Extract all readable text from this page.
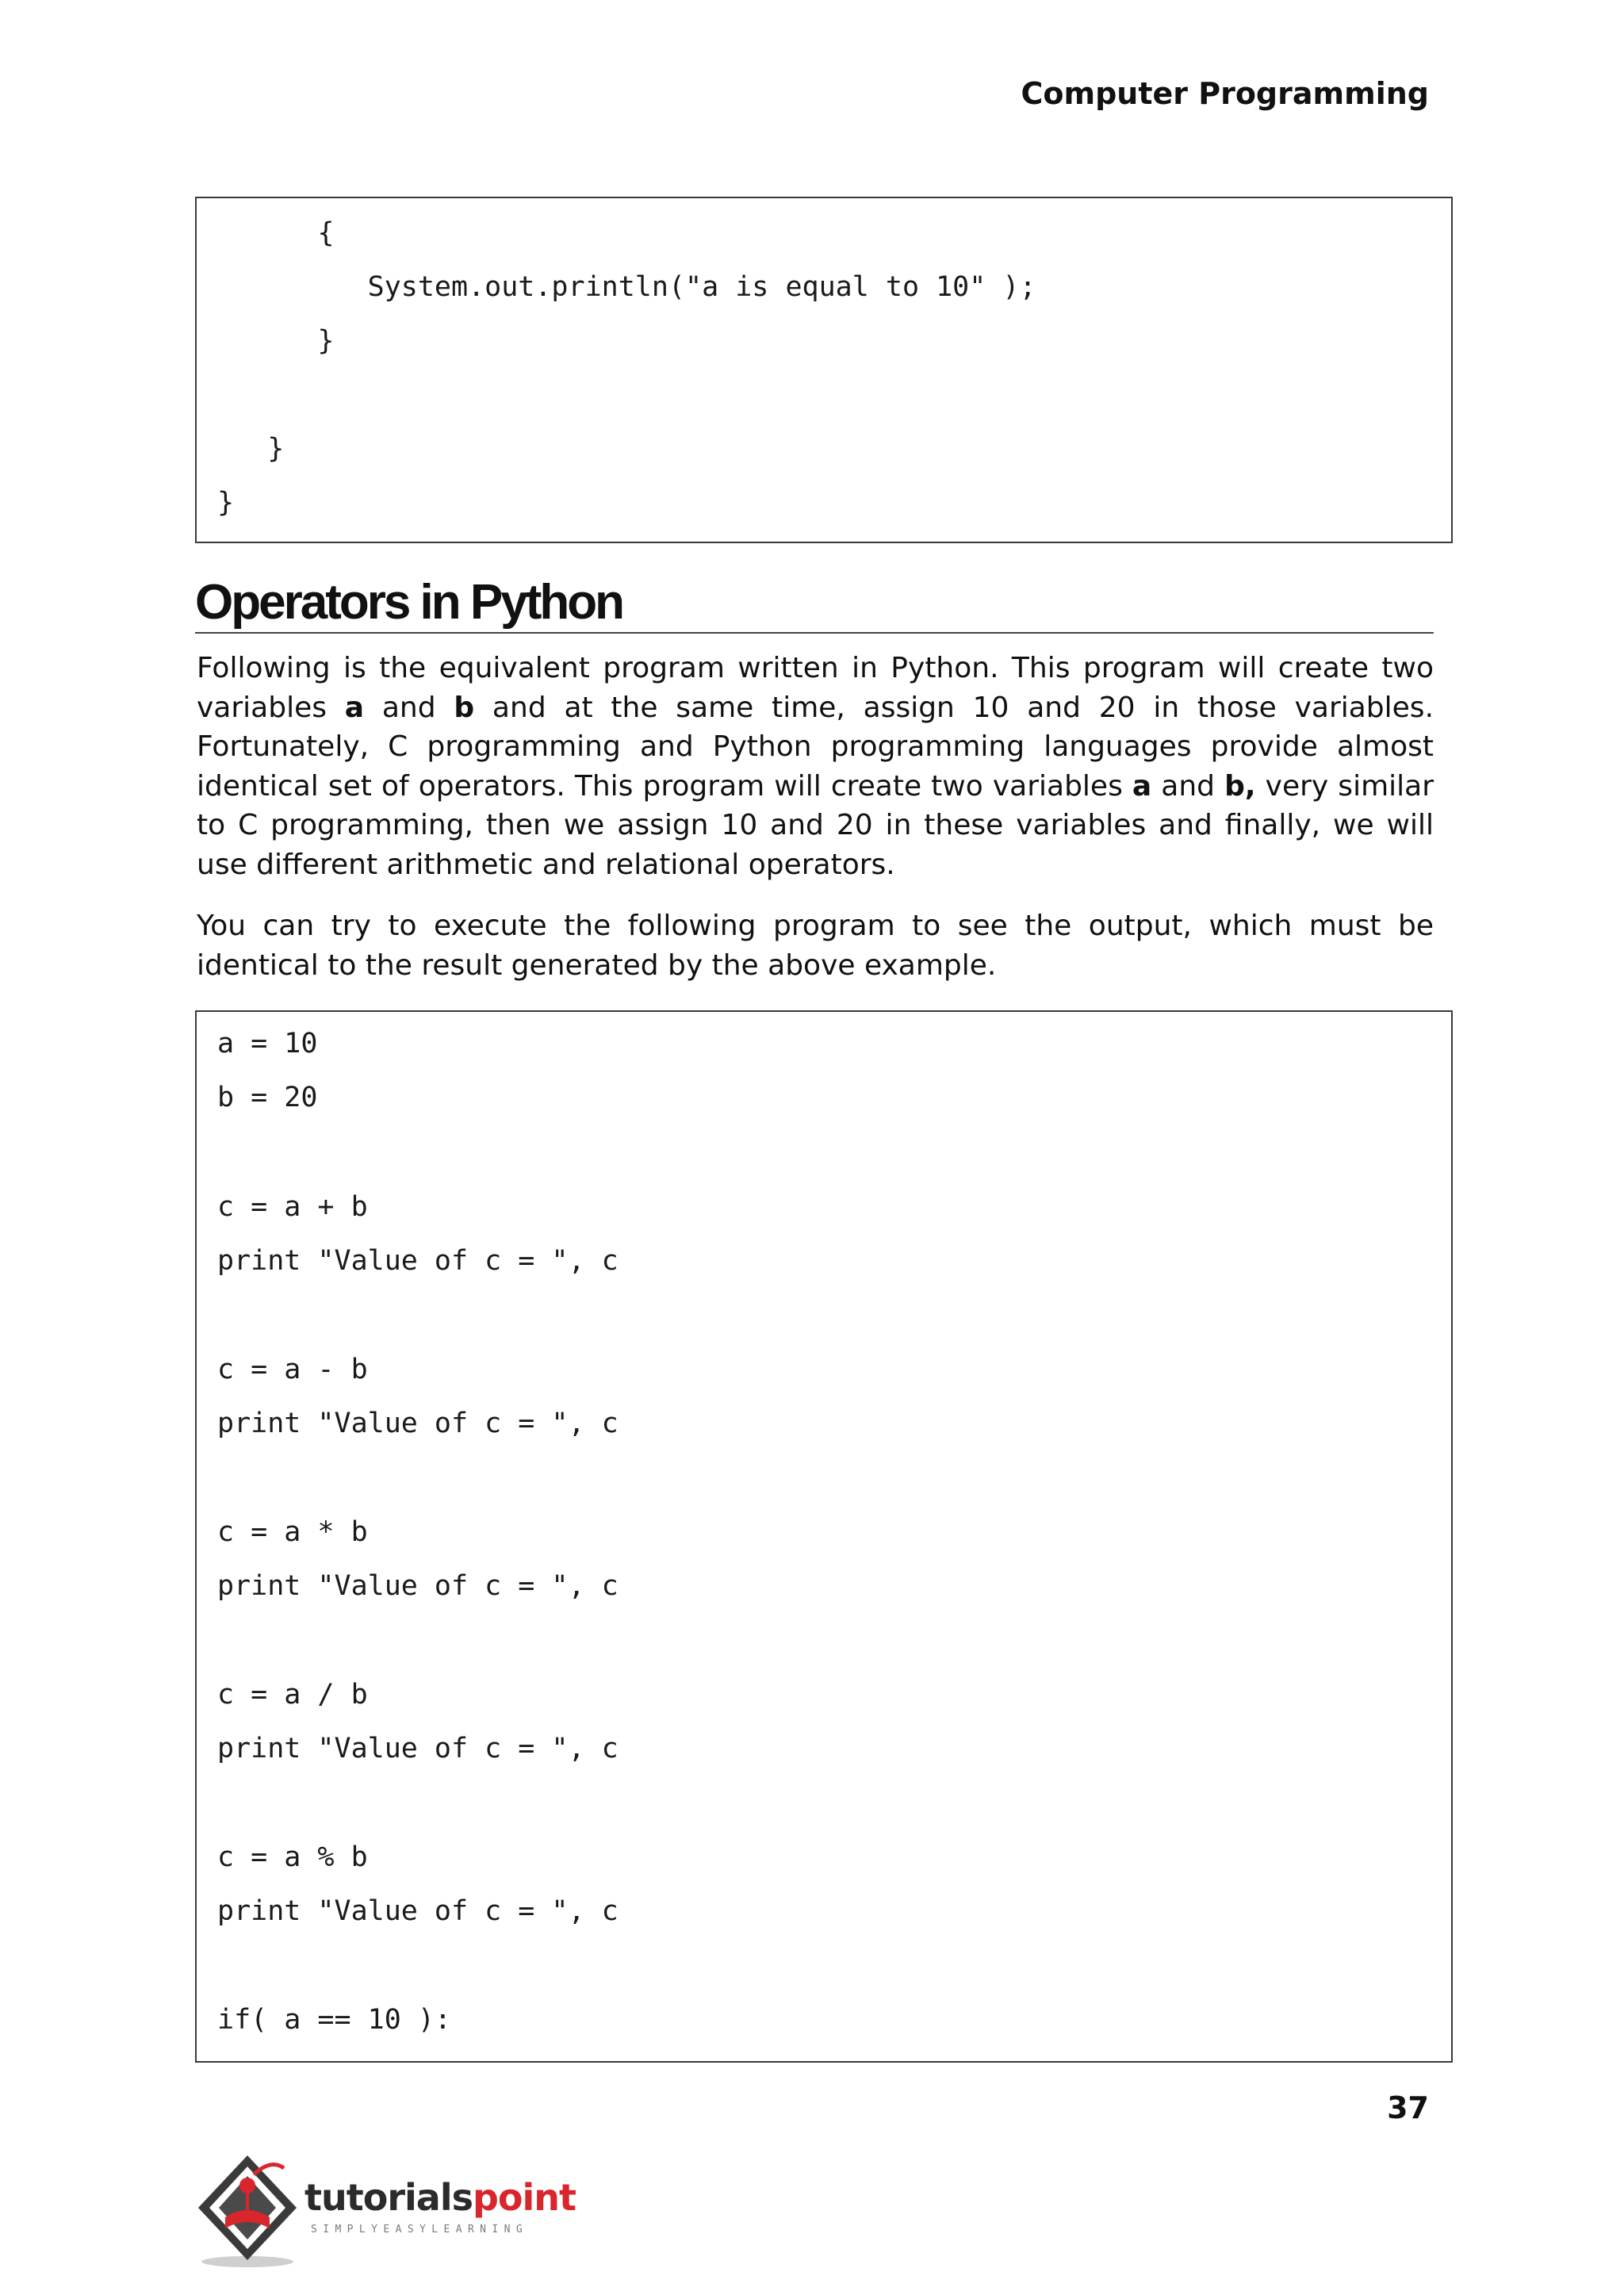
Computer Programming
{
System.out.println("a is equal to 10" );
}
}
}
Operators in Python

Following is the equivalent program written in Python. This program will create two variables a and b and at the same time, assign 10 and 20 in those variables. Fortunately, C programming and Python programming languages provide almost identical set of operators. This program will create two variables a and b, very similar to C programming, then we assign 10 and 20 in these variables and finally, we will use different arithmetic and relational operators.

You can try to execute the following program to see the output, which must be identical to the result generated by the above example.

a = 10
b = 20
c = a + b
print "Value of c = ", c
c = a - b
print "Value of c = ", c
c = a * b
print "Value of c = ", c
c = a / b
print "Value of c = ", c
c = a % b
print "Value of c = ", c
if( a == 10 ):
37
tutorialspoint
SIMPLYEASYLEARNING
